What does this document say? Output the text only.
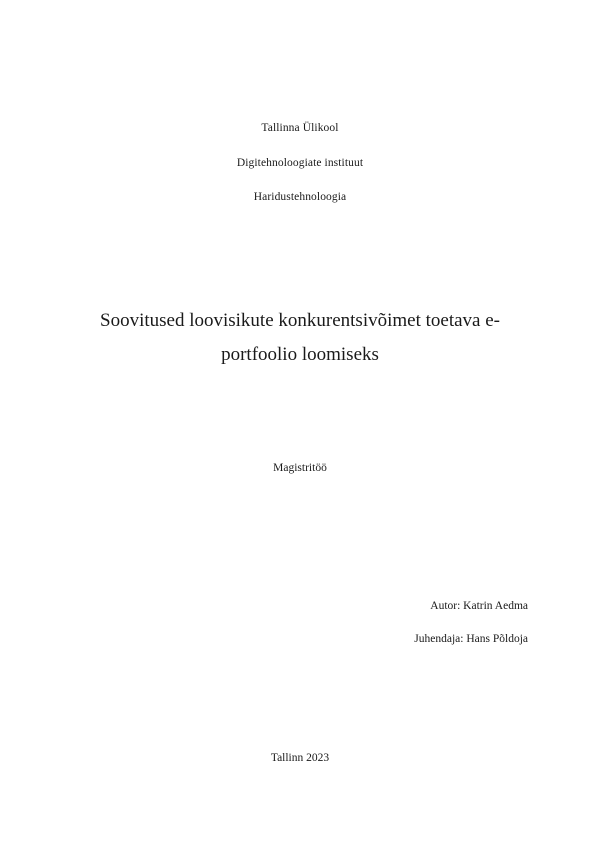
Tallinna Ülikool
Digitehnoloogiate instituut
Haridustehnoloogia
Soovitused loovisikute konkurentsivõimet toetava e-
portfoolio loomiseks
Magistritöö
Autor: Katrin Aedma
Juhendaja: Hans Põldoja
Tallinn 2023
